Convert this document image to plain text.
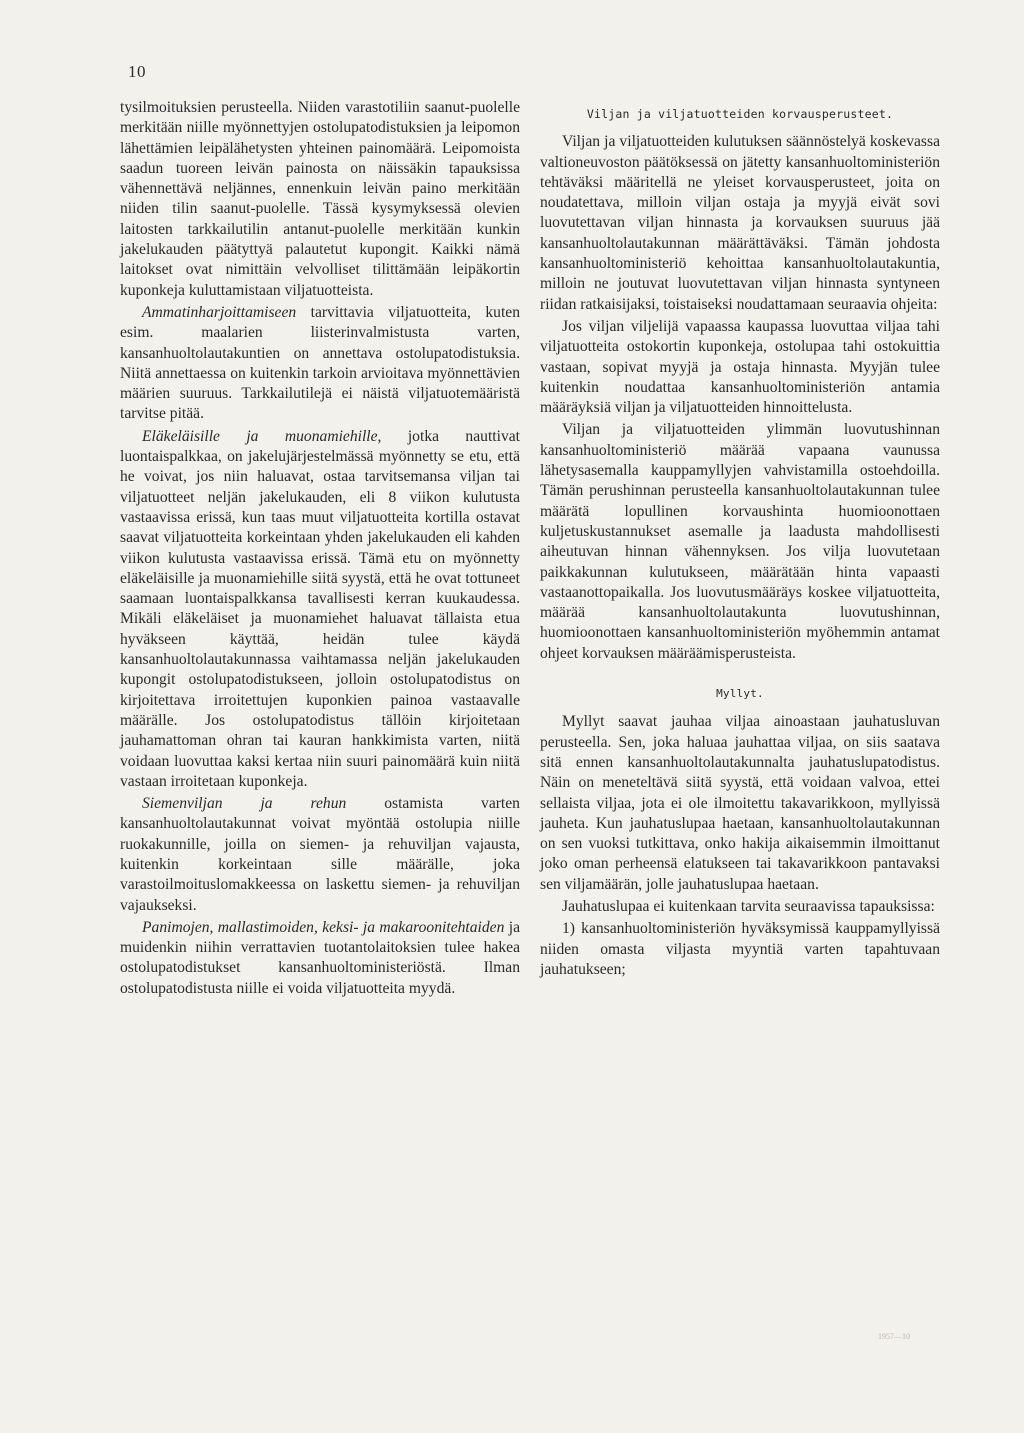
10

tysilmoituksien perusteella. Niiden varastotiliin saanut-puolelle merkitään niille myönnettyjen ostolupatodistuksien ja leipomon lähettämien leipälähetysten yhteinen painomäärä. Leipomoista saadun tuoreen leivän painosta on näissäkin tapauksissa vähennettävä neljännes, ennenkuin leivän paino merkitään niiden tilin saanut-puolelle. Tässä kysymyksessä olevien laitosten tarkkailutilin antanut-puolelle merkitään kunkin jakelukauden päätyttyä palautetut kupongit. Kaikki nämä laitokset ovat nimittäin velvolliset tilittämään leipäkortin kuponkeja kuluttamistaan viljatuotteista.

Ammatinharjoittamiseen tarvittavia viljatuotteita, kuten esim. maalarien liisterinvalmistusta varten, kansanhuoltolautakuntien on annettava ostolupatodistuksia. Niitä annettaessa on kuitenkin tarkoin arvioitava myönnettävien määrien suuruus. Tarkkailutilejä ei näistä viljatuotemääristä tarvitse pitää.

Eläkeläisille ja muonamiehille, jotka nauttivat luontaispalkkaa, on jakelujärjestelmässä myönnetty se etu, että he voivat, jos niin haluavat, ostaa tarvitsemansa viljan tai viljatuotteet neljän jakelukauden, eli 8 viikon kulutusta vastaavissa erissä, kun taas muut viljatuotteita kortilla ostavat saavat viljatuotteita korkeintaan yhden jakelukauden eli kahden viikon kulutusta vastaavissa erissä. Tämä etu on myönnetty eläkeläisille ja muonamiehille siitä syystä, että he ovat tottuneet saamaan luontaispalkkansa tavallisesti kerran kuukaudessa. Mikäli eläkeläiset ja muonamiehet haluavat tällaista etua hyväkseen käyttää, heidän tulee käydä kansanhuoltolautakunnassa vaihtamassa neljän jakelukauden kupongit ostolupatodistukseen, jolloin ostolupatodistus on kirjoitettava irroitettujen kuponkien painoa vastaavalle määrälle. Jos ostolupatodistus tällöin kirjoitetaan jauhamattoman ohran tai kauran hankkimista varten, niitä voidaan luovuttaa kaksi kertaa niin suuri painomäärä kuin niitä vastaan irroitetaan kuponkeja.

Siemenviljan ja rehun ostamista varten kansanhuoltolautakunnat voivat myöntää ostolupia niille ruokakunnille, joilla on siemen- ja rehuviljan vajausta, kuitenkin korkeintaan sille määrälle, joka varastoilmoituslomakkeessa on laskettu siemen- ja rehuviljan vajaukseksi.

Panimojen, mallastimoiden, keksi- ja makaroonitehtaiden ja muidenkin niihin verrattavien tuotantolaitoksien tulee hakea ostolupatodistukset kansanhuoltoministeriöstä. Ilman ostolupatodistusta niille ei voida viljatuotteita myydä.

Viljan ja viljatuotteiden korvausperusteet.

Viljan ja viljatuotteiden kulutuksen säännöstelyä koskevassa valtioneuvoston päätöksessä on jätetty kansanhuoltoministeriön tehtäväksi määritellä ne yleiset korvausperusteet, joita on noudatettava, milloin viljan ostaja ja myyjä eivät sovi luovutettavan viljan hinnasta ja korvauksen suuruus jää kansanhuoltolautakunnan määrättäväksi. Tämän johdosta kansanhuoltoministeriö kehoittaa kansanhuoltolautakuntia, milloin ne joutuvat luovutettavan viljan hinnasta syntyneen riidan ratkaisijaksi, toistaiseksi noudattamaan seuraavia ohjeita:

Jos viljan viljelijä vapaassa kaupassa luovuttaa viljaa tahi viljatuotteita ostokortin kuponkeja, ostolupaa tahi ostokuittia vastaan, sopivat myyjä ja ostaja hinnasta. Myyjän tulee kuitenkin noudattaa kansanhuoltoministeriön antamia määräyksiä viljan ja viljatuotteiden hinnoittelusta.

Viljan ja viljatuotteiden ylimmän luovutushinnan kansanhuoltoministeriö määrää vapaana vaunussa lähetysasemalla kauppamyllyjen vahvistamilla ostoehdoilla. Tämän perushinnan perusteella kansanhuoltolautakunnan tulee määrätä lopullinen korvaushinta huomioonottaen kuljetuskustannukset asemalle ja laadusta mahdollisesti aiheutuvan hinnan vähennyksen. Jos vilja luovutetaan paikkakunnan kulutukseen, määrätään hinta vapaasti vastaanottopaikalla. Jos luovutusmääräys koskee viljatuotteita, määrää kansanhuoltolautakunta luovutushinnan, huomioonottaen kansanhuoltoministeriön myöhemmin antamat ohjeet korvauksen määräämisperusteista.

Myllyt.

Myllyt saavat jauhaa viljaa ainoastaan jauhatusluvan perusteella. Sen, joka haluaa jauhattaa viljaa, on siis saatava sitä ennen kansanhuoltolautakunnalta jauhatuslupatodistus. Näin on meneteltävä siitä syystä, että voidaan valvoa, ettei sellaista viljaa, jota ei ole ilmoitettu takavarikkoon, myllyissä jauheta. Kun jauhatuslupaa haetaan, kansanhuoltolautakunnan on sen vuoksi tutkittava, onko hakija aikaisemmin ilmoittanut joko oman perheensä elatukseen tai takavarikkoon pantavaksi sen viljamäärän, jolle jauhatuslupaa haetaan.

Jauhatuslupaa ei kuitenkaan tarvita seuraavissa tapauksissa:

1) kansanhuoltoministeriön hyväksymissä kauppamyllyissä niiden omasta viljasta myyntiä varten tapahtuvaan jauhatukseen;

1957—10
